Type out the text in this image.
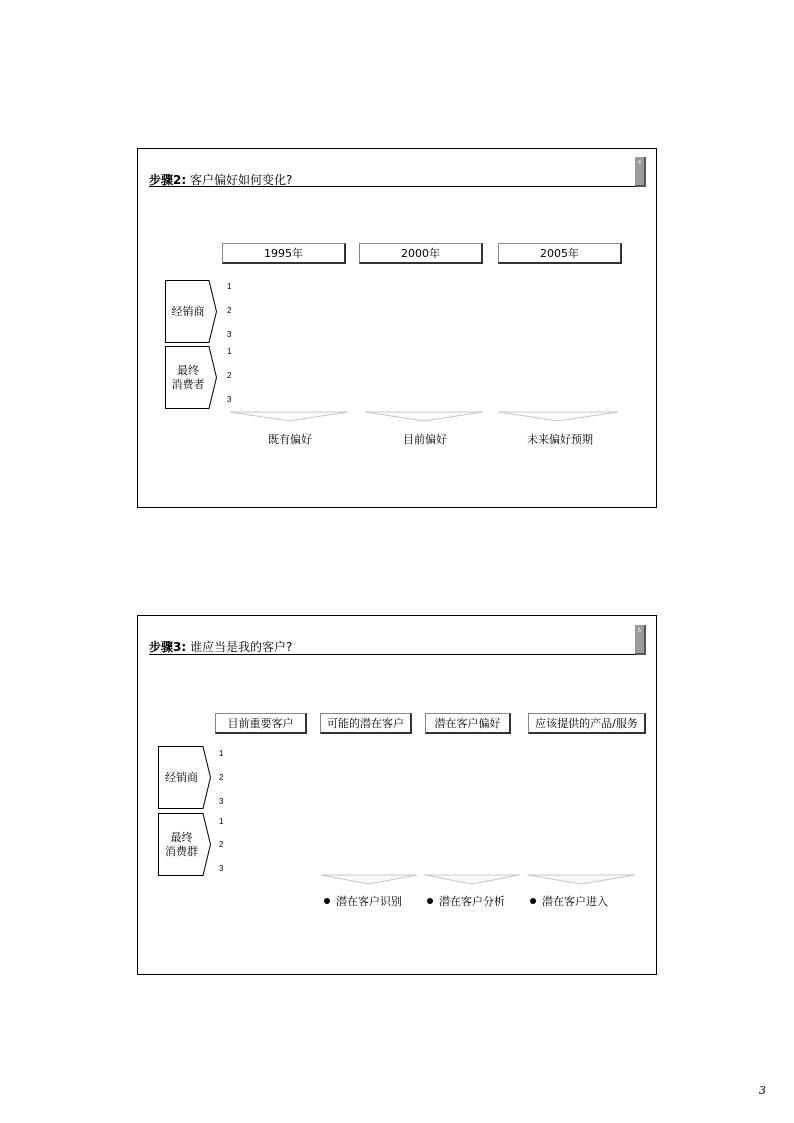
步骤2: 客户偏好如何变化?
4
1995年	2000年	2005年
经销商
最终
消费者
1
2
3
1
2
3
既有偏好	目前偏好	未来偏好预期
步骤3: 谁应当是我的客户?
5
目前重要客户	可能的潜在客户	潜在客户偏好	应该提供的产品/服务
经销商
最终
消费群
1
2
3
1
2
3
潜在客户识别	潜在客户分析	潜在客户进入
3
